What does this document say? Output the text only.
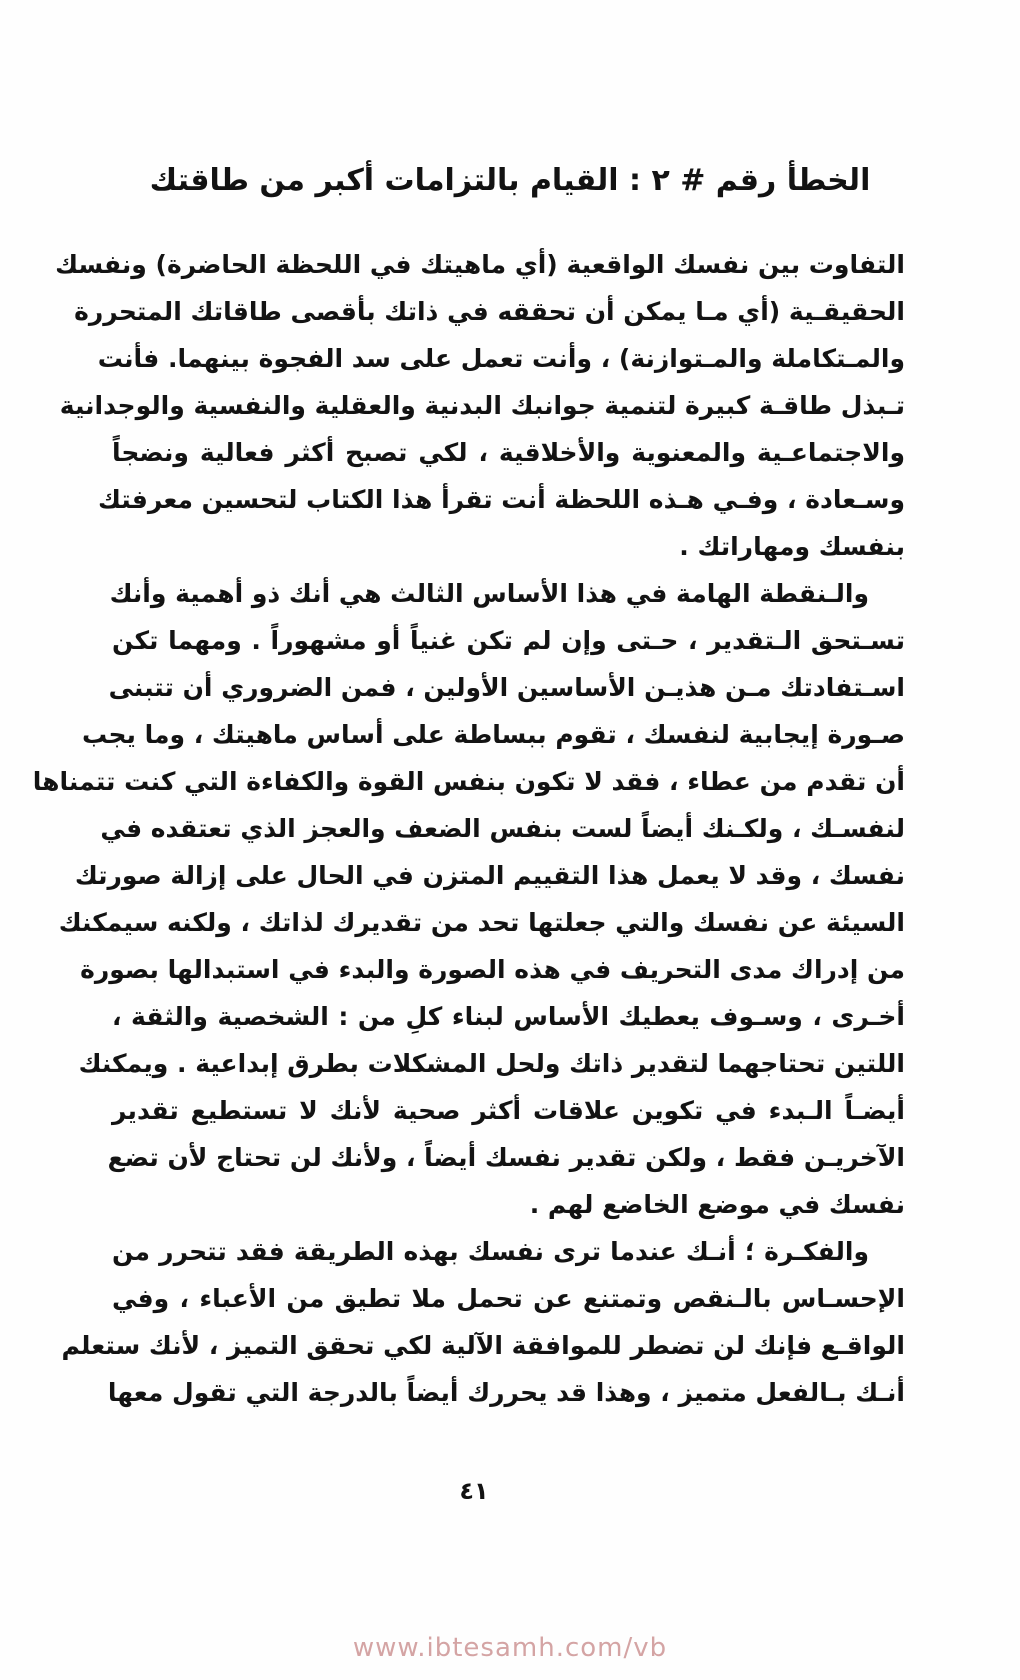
الخطأ رقم # ٢ : القيام بالتزامات أكبر من طاقتك
التفاوت بين نفسك الواقعية (أي ماهيتك في اللحظة الحاضرة) ونفسك
الحقيقـية (أي مـا يمكن أن تحققه في ذاتك بأقصى طاقاتك المتحررة
والمـتكاملة والمـتوازنة) ، وأنت تعمل على سد الفجوة بينهما. فأنت
تـبذل طاقـة كبيرة لتنمية جوانبك البدنية والعقلية والنفسية والوجدانية
والاجتماعـية والمعنوية والأخلاقية ، لكي تصبح أكثر فعالية ونضجاً
وسـعادة ، وفـي هـذه اللحظة أنت تقرأ هذا الكتاب لتحسين معرفتك
بنفسك ومهاراتك .
والـنقطة الهامة في هذا الأساس الثالث هي أنك ذو أهمية وأنك
تسـتحق الـتقدير ، حـتى وإن لم تكن غنياً أو مشهوراً . ومهما تكن
اسـتفادتك مـن هذيـن الأساسين الأولين ، فمن الضروري أن تتبنى
صـورة إيجابية لنفسك ، تقوم ببساطة على أساس ماهيتك ، وما يجب
أن تقدم من عطاء ، فقد لا تكون بنفس القوة والكفاءة التي كنت تتمناها
لنفسـك ، ولكـنك أيضاً لست بنفس الضعف والعجز الذي تعتقده في
نفسك ، وقد لا يعمل هذا التقييم المتزن في الحال على إزالة صورتك
السيئة عن نفسك والتي جعلتها تحد من تقديرك لذاتك ، ولكنه سيمكنك
من إدراك مدى التحريف في هذه الصورة والبدء في استبدالها بصورة
أخـرى ، وسـوف يعطيك الأساس لبناء كلِ من : الشخصية والثقة ،
اللتين تحتاجهما لتقدير ذاتك ولحل المشكلات بطرق إبداعية . ويمكنك
أيضـاً الـبدء في تكوين علاقات أكثر صحية لأنك لا تستطيع تقدير
الآخريـن فقط ، ولكن تقدير نفسك أيضاً ، ولأنك لن تحتاج لأن تضع
نفسك في موضع الخاضع لهم .
والفكـرة ؛ أنـك عندما ترى نفسك بهذه الطريقة فقد تتحرر من
الإحسـاس بالـنقص وتمتنع عن تحمل ملا تطيق من الأعباء ، وفي
الواقـع فإنك لن تضطر للموافقة الآلية لكي تحقق التميز ، لأنك ستعلم
أنـك بـالفعل متميز ، وهذا قد يحررك أيضاً بالدرجة التي تقول معها
٤١
www.ibtesamh.com/vb
